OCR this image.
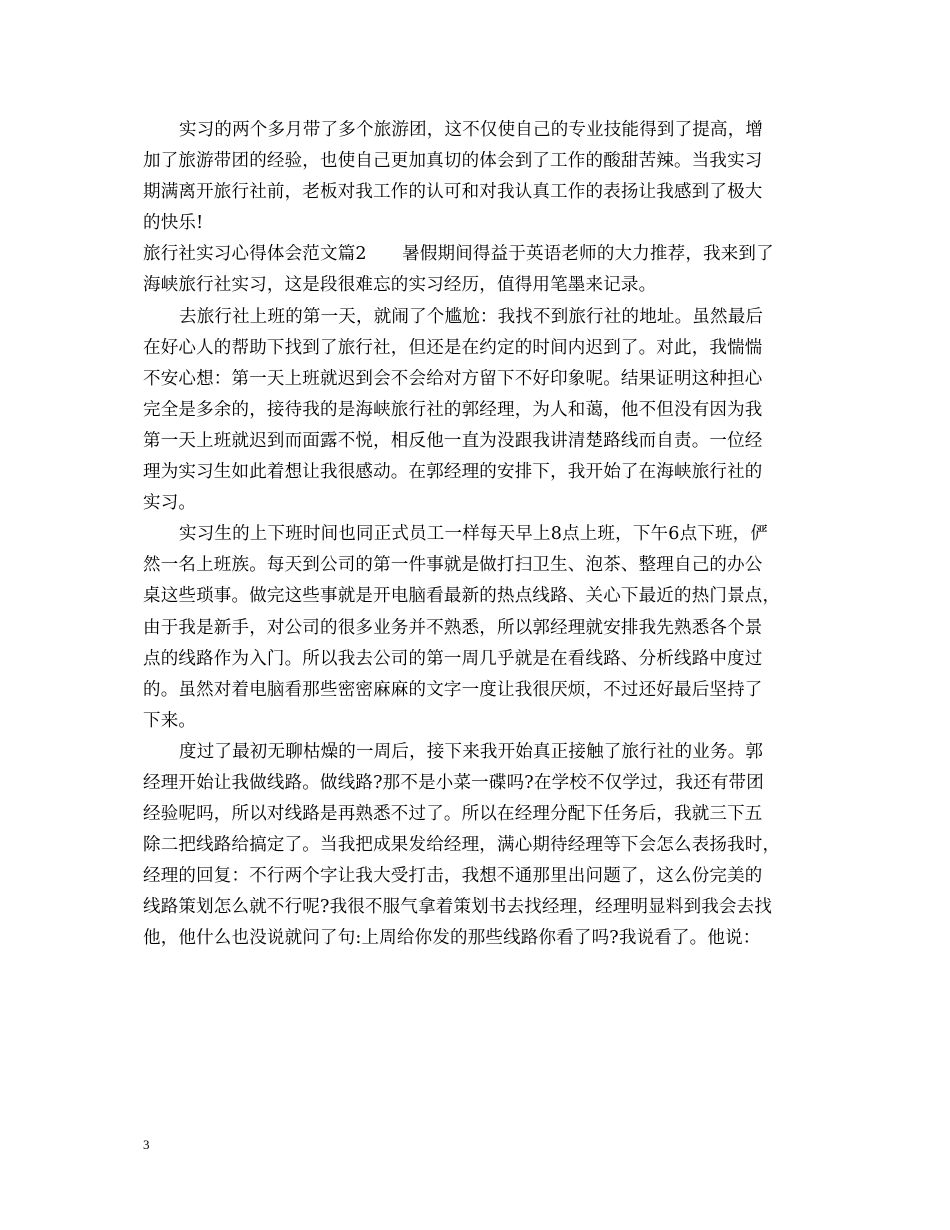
实习的两个多月带了多个旅游团，这不仅使自己的专业技能得到了提高，增
加了旅游带团的经验，也使自己更加真切的体会到了工作的酸甜苦辣。当我实习
期满离开旅行社前，老板对我工作的认可和对我认真工作的表扬让我感到了极大
的快乐!
旅行社实习心得体会范文篇2　　暑假期间得益于英语老师的大力推荐，我来到了
海峡旅行社实习，这是段很难忘的实习经历，值得用笔墨来记录。
去旅行社上班的第一天，就闹了个尴尬：我找不到旅行社的地址。虽然最后
在好心人的帮助下找到了旅行社，但还是在约定的时间内迟到了。对此，我惴惴
不安心想：第一天上班就迟到会不会给对方留下不好印象呢。结果证明这种担心
完全是多余的，接待我的是海峡旅行社的郭经理，为人和蔼，他不但没有因为我
第一天上班就迟到而面露不悦，相反他一直为没跟我讲清楚路线而自责。一位经
理为实习生如此着想让我很感动。在郭经理的安排下，我开始了在海峡旅行社的
实习。
实习生的上下班时间也同正式员工一样每天早上8点上班，下午6点下班，俨
然一名上班族。每天到公司的第一件事就是做打扫卫生、泡茶、整理自己的办公
桌这些琐事。做完这些事就是开电脑看最新的热点线路、关心下最近的热门景点，
由于我是新手，对公司的很多业务并不熟悉，所以郭经理就安排我先熟悉各个景
点的线路作为入门。所以我去公司的第一周几乎就是在看线路、分析线路中度过
的。虽然对着电脑看那些密密麻麻的文字一度让我很厌烦，不过还好最后坚持了
下来。
度过了最初无聊枯燥的一周后，接下来我开始真正接触了旅行社的业务。郭
经理开始让我做线路。做线路?那不是小菜一碟吗?在学校不仅学过，我还有带团
经验呢吗，所以对线路是再熟悉不过了。所以在经理分配下任务后，我就三下五
除二把线路给搞定了。当我把成果发给经理，满心期待经理等下会怎么表扬我时，
经理的回复：不行两个字让我大受打击，我想不通那里出问题了，这么份完美的
线路策划怎么就不行呢?我很不服气拿着策划书去找经理，经理明显料到我会去找
他，他什么也没说就问了句:上周给你发的那些线路你看了吗?我说看了。他说：
3
